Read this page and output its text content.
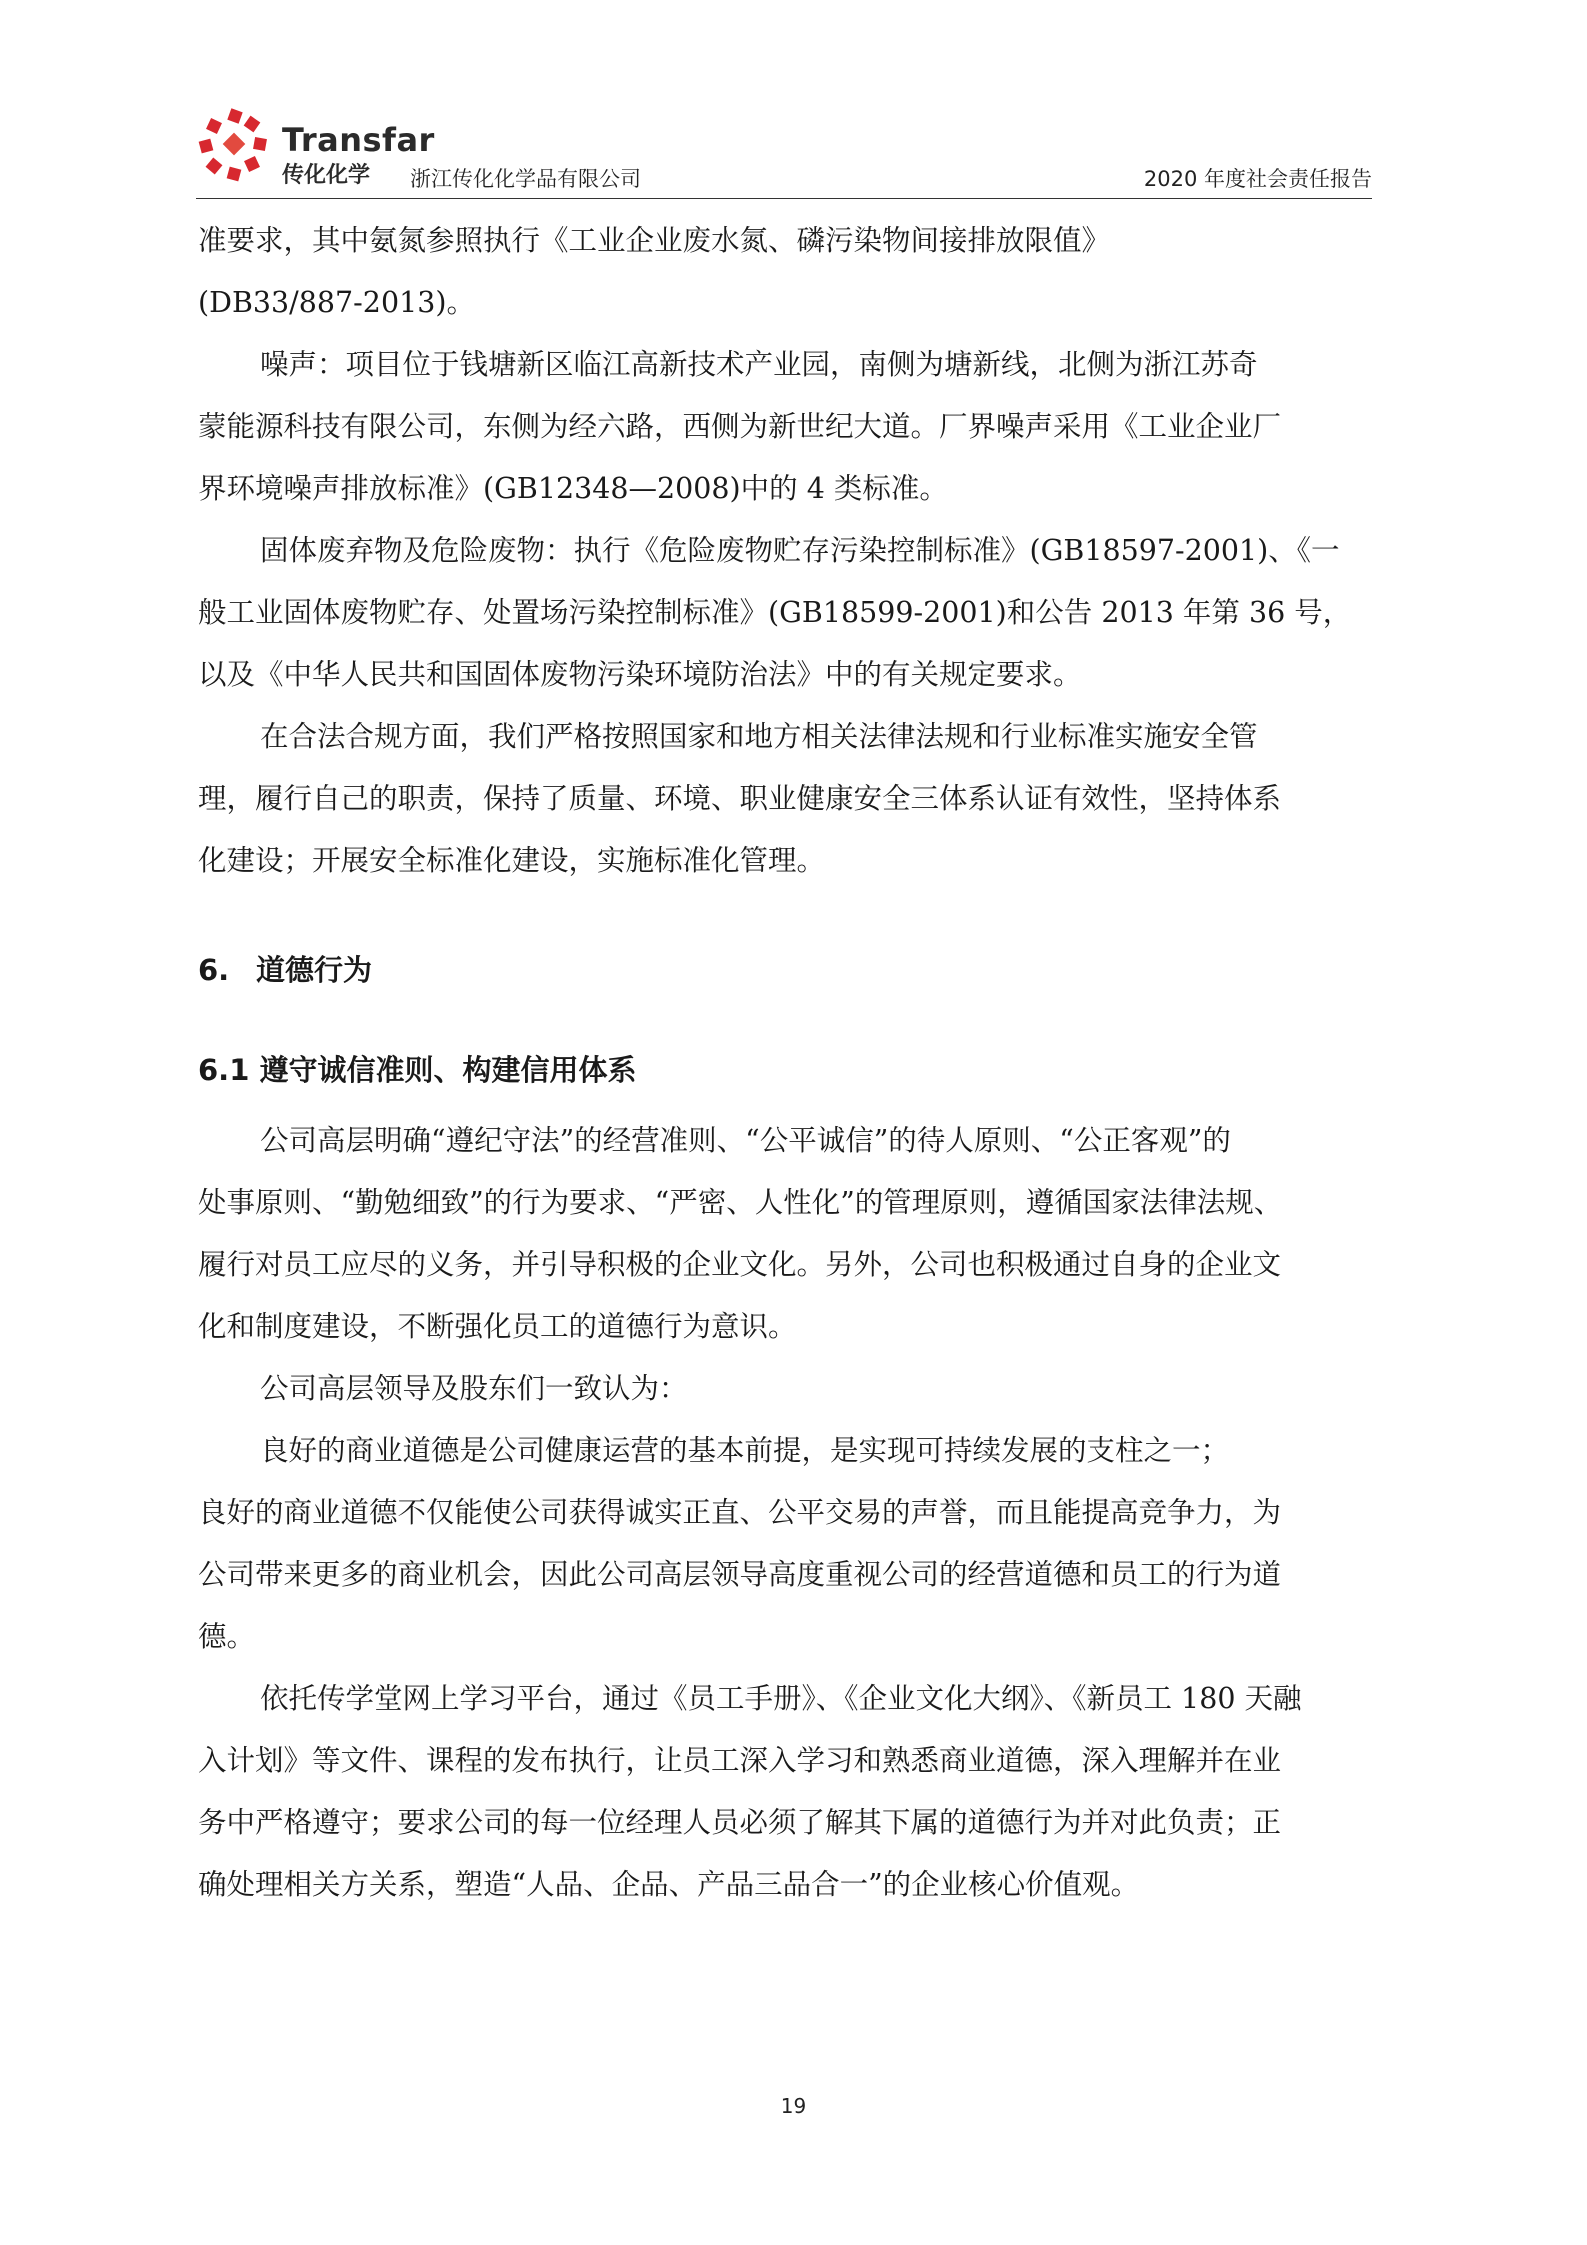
Transfar
传化化学 浙江传化化学品有限公司	2020 年度社会责任报告

准要求，其中氨氮参照执行《工业企业废水氮、磷污染物间接排放限值》

(DB33/887-2013)。

噪声：项目位于钱塘新区临江高新技术产业园，南侧为塘新线，北侧为浙江苏奇

蒙能源科技有限公司，东侧为经六路，西侧为新世纪大道。厂界噪声采用《工业企业厂

界环境噪声排放标准》(GB12348—2008)中的 4 类标准。

固体废弃物及危险废物：执行《危险废物贮存污染控制标准》(GB18597-2001)、《一

般工业固体废物贮存、处置场污染控制标准》(GB18599-2001)和公告 2013 年第 36 号，

以及《中华人民共和国固体废物污染环境防治法》中的有关规定要求。

在合法合规方面，我们严格按照国家和地方相关法律法规和行业标准实施安全管

理，履行自己的职责，保持了质量、环境、职业健康安全三体系认证有效性，坚持体系

化建设；开展安全标准化建设，实施标准化管理。

6. 道德行为
6.1 遵守诚信准则、构建信用体系

公司高层明确“遵纪守法”的经营准则、“公平诚信”的待人原则、“公正客观”的

处事原则、“勤勉细致”的行为要求、“严密、人性化”的管理原则，遵循国家法律法规、

履行对员工应尽的义务，并引导积极的企业文化。另外，公司也积极通过自身的企业文

化和制度建设，不断强化员工的道德行为意识。

公司高层领导及股东们一致认为：

良好的商业道德是公司健康运营的基本前提，是实现可持续发展的支柱之一；

良好的商业道德不仅能使公司获得诚实正直、公平交易的声誉，而且能提高竞争力，为

公司带来更多的商业机会，因此公司高层领导高度重视公司的经营道德和员工的行为道

德。

依托传学堂网上学习平台，通过《员工手册》、《企业文化大纲》、《新员工 180 天融

入计划》等文件、课程的发布执行，让员工深入学习和熟悉商业道德，深入理解并在业

务中严格遵守；要求公司的每一位经理人员必须了解其下属的道德行为并对此负责；正

确处理相关方关系，塑造“人品、企品、产品三品合一”的企业核心价值观。

19
